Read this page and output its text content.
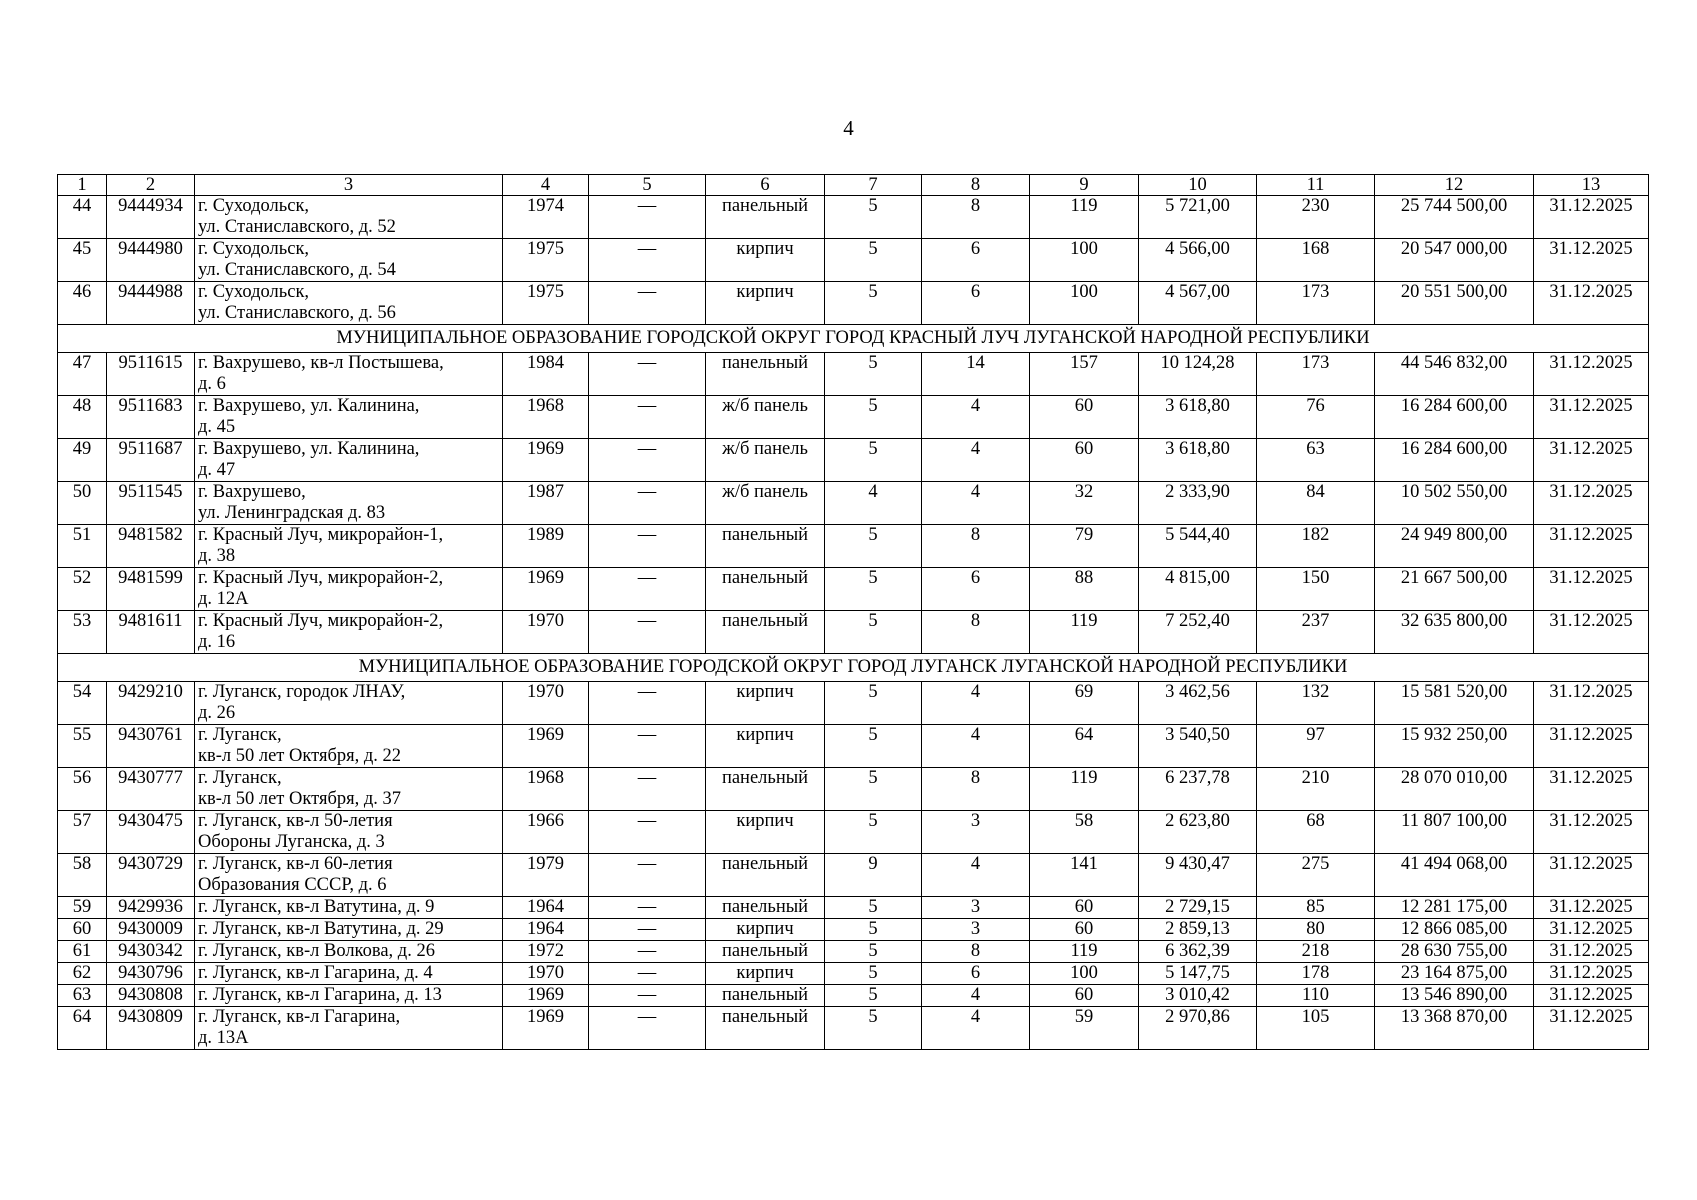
4
1	2	3	4	5	6	7	8	9	10	11	12	13
44	9444934	г. Суходольск,
ул. Станиславского, д. 52	1974	—	панельный	5	8	119	5 721,00	230	25 744 500,00	31.12.2025
45	9444980	г. Суходольск,
ул. Станиславского, д. 54	1975	—	кирпич	5	6	100	4 566,00	168	20 547 000,00	31.12.2025
46	9444988	г. Суходольск,
ул. Станиславского, д. 56	1975	—	кирпич	5	6	100	4 567,00	173	20 551 500,00	31.12.2025
МУНИЦИПАЛЬНОЕ ОБРАЗОВАНИЕ ГОРОДСКОЙ ОКРУГ ГОРОД КРАСНЫЙ ЛУЧ ЛУГАНСКОЙ НАРОДНОЙ РЕСПУБЛИКИ												
47	9511615	г. Вахрушево, кв-л Постышева,
д. 6	1984	—	панельный	5	14	157	10 124,28	173	44 546 832,00	31.12.2025
48	9511683	г. Вахрушево, ул. Калинина,
д. 45	1968	—	ж/б панель	5	4	60	3 618,80	76	16 284 600,00	31.12.2025
49	9511687	г. Вахрушево, ул. Калинина,
д. 47	1969	—	ж/б панель	5	4	60	3 618,80	63	16 284 600,00	31.12.2025
50	9511545	г. Вахрушево,
ул. Ленинградская д. 83	1987	—	ж/б панель	4	4	32	2 333,90	84	10 502 550,00	31.12.2025
51	9481582	г. Красный Луч, микрорайон-1,
д. 38	1989	—	панельный	5	8	79	5 544,40	182	24 949 800,00	31.12.2025
52	9481599	г. Красный Луч, микрорайон-2,
д. 12А	1969	—	панельный	5	6	88	4 815,00	150	21 667 500,00	31.12.2025
53	9481611	г. Красный Луч, микрорайон-2,
д. 16	1970	—	панельный	5	8	119	7 252,40	237	32 635 800,00	31.12.2025
МУНИЦИПАЛЬНОЕ ОБРАЗОВАНИЕ ГОРОДСКОЙ ОКРУГ ГОРОД ЛУГАНСК ЛУГАНСКОЙ НАРОДНОЙ РЕСПУБЛИКИ												
54	9429210	г. Луганск, городок ЛНАУ,
д. 26	1970	—	кирпич	5	4	69	3 462,56	132	15 581 520,00	31.12.2025
55	9430761	г. Луганск,
кв-л 50 лет Октября, д. 22	1969	—	кирпич	5	4	64	3 540,50	97	15 932 250,00	31.12.2025
56	9430777	г. Луганск,
кв-л 50 лет Октября, д. 37	1968	—	панельный	5	8	119	6 237,78	210	28 070 010,00	31.12.2025
57	9430475	г. Луганск, кв-л 50-летия
Обороны Луганска, д. 3	1966	—	кирпич	5	3	58	2 623,80	68	11 807 100,00	31.12.2025
58	9430729	г. Луганск, кв-л 60-летия
Образования СССР, д. 6	1979	—	панельный	9	4	141	9 430,47	275	41 494 068,00	31.12.2025
59	9429936	г. Луганск, кв-л Ватутина, д. 9	1964	—	панельный	5	3	60	2 729,15	85	12 281 175,00	31.12.2025
60	9430009	г. Луганск, кв-л Ватутина, д. 29	1964	—	кирпич	5	3	60	2 859,13	80	12 866 085,00	31.12.2025
61	9430342	г. Луганск, кв-л Волкова, д. 26	1972	—	панельный	5	8	119	6 362,39	218	28 630 755,00	31.12.2025
62	9430796	г. Луганск, кв-л Гагарина, д. 4	1970	—	кирпич	5	6	100	5 147,75	178	23 164 875,00	31.12.2025
63	9430808	г. Луганск, кв-л Гагарина, д. 13	1969	—	панельный	5	4	60	3 010,42	110	13 546 890,00	31.12.2025
64	9430809	г. Луганск, кв-л Гагарина,
д. 13А	1969	—	панельный	5	4	59	2 970,86	105	13 368 870,00	31.12.2025
